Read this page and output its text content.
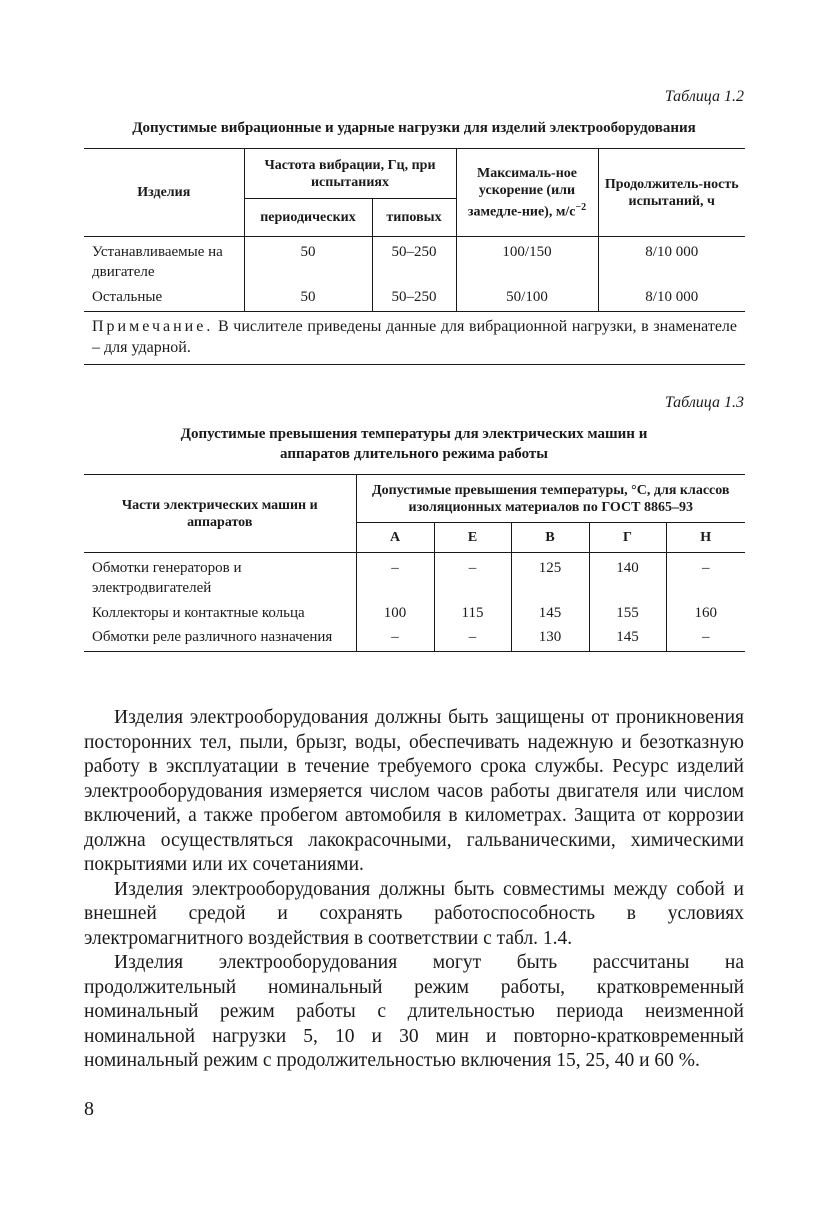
Таблица 1.2
Допустимые вибрационные и ударные нагрузки для изделий электрооборудования
Изделия	Частота вибрации, Гц, при испытаниях		Максималь-ное ускорение (или замедле-ние), $м/с^{-2}$	Продолжитель-ность испытаний, ч
	периодических	типовых		
Устанавливаемые на двигателе	50	50–250	100/150	8/10 000
Остальные	50	50–250	50/100	8/10 000
Примечание. В числителе приведены данные для вибрационной нагрузки, в знаменателе – для ударной.				
Таблица 1.3
Допустимые превышения температуры для электрических машин и аппаратов длительного режима работы
Части электрических машин и аппаратов	Допустимые превышения температуры, °С, для классов изоляционных материалов по ГОСТ 8865–93				
	А	Е	В	Г	Н
Обмотки генераторов и электродвигателей	–	–	125	140	–
Коллекторы и контактные кольца	100	115	145	155	160
Обмотки реле различного назначения	–	–	130	145	–

Изделия электрооборудования должны быть защищены от проникновения посторонних тел, пыли, брызг, воды, обеспечивать надежную и безотказную работу в эксплуатации в течение требуемого срока службы. Ресурс изделий электрооборудования измеряется числом часов работы двигателя или числом включений, а также пробегом автомобиля в километрах. Защита от коррозии должна осуществляться лакокрасочными, гальваническими, химическими покрытиями или их сочетаниями.

Изделия электрооборудования должны быть совместимы между собой и внешней средой и сохранять работоспособность в условиях электромагнитного воздействия в соответствии с табл. 1.4.

Изделия электрооборудования могут быть рассчитаны на продолжительный номинальный режим работы, кратковременный номинальный режим работы с длительностью периода неизменной номинальной нагрузки 5, 10 и 30 мин и повторно-кратковременный номинальный режим с продолжительностью включения 15, 25, 40 и 60 %.

8
